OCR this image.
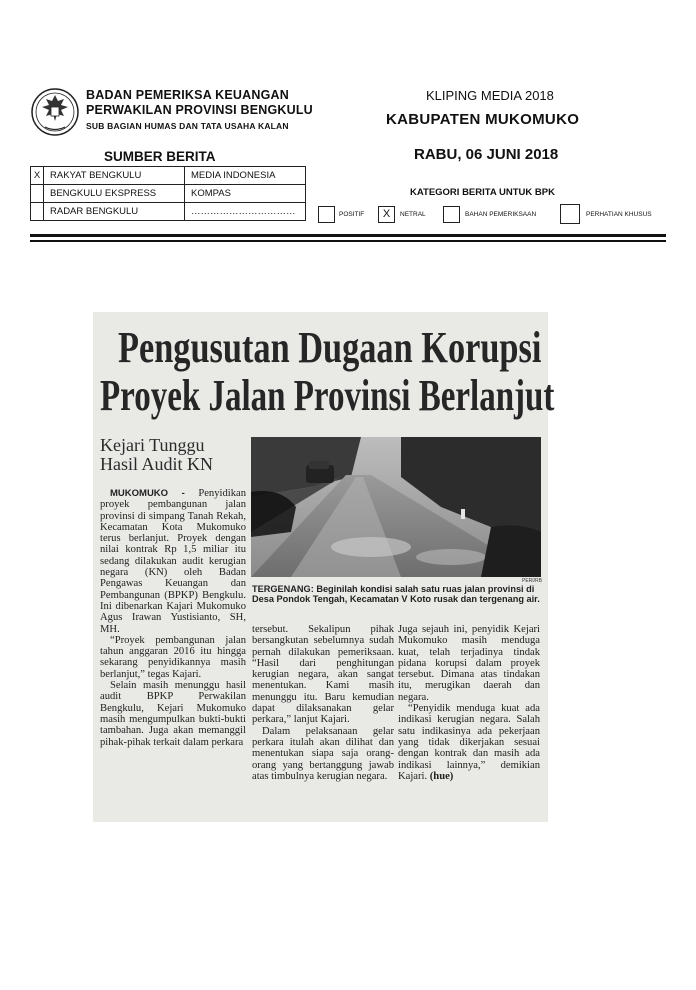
BADAN PEMERIKSA KEUANGAN
PERWAKILAN PROVINSI BENGKULU
SUB BAGIAN HUMAS DAN TATA USAHA KALAN
KLIPING MEDIA 2018
KABUPATEN MUKOMUKO
RABU, 06 JUNI 2018
SUMBER BERITA
X	RAKYAT BENGKULU	MEDIA INDONESIA
	BENGKULU EKSPRESS	KOMPAS
	RADAR BENGKULU	……………………………
KATEGORI BERITA UNTUK BPK
POSITIF	X	NETRAL	BAHAN PEMERIKSAAN	PERHATIAN KHUSUS
Pengusutan Dugaan Korupsi
Proyek Jalan Provinsi Berlanjut
Kejari Tunggu
Hasil Audit KN
PERI/RB
TERGENANG: Beginilah kondisi salah satu ruas jalan provinsi di Desa Pondok Tengah, Kecamatan V Koto rusak dan tergenang air.

MUKOMUKO - Penyidikan proyek pembangunan jalan provinsi di simpang Tanah Rekah, Kecamatan Kota Mukomuko terus berlanjut. Proyek dengan nilai kontrak Rp 1,5 miliar itu sedang dilakukan audit kerugian negara (KN) oleh Badan Pengawas Keuangan dan Pembangunan (BPKP) Bengkulu. Ini dibenarkan Kajari Mukomuko Agus Irawan Yustisianto, SH, MH.

“Proyek pembangunan jalan tahun anggaran 2016 itu hingga sekarang penyidikannya masih berlanjut,” tegas Kajari.

Selain masih menunggu hasil audit BPKP Perwakilan Bengkulu, Kejari Mukomuko masih mengumpulkan bukti-bukti tambahan. Juga akan memanggil pihak-pihak terkait dalam perkara

tersebut. Sekalipun pihak bersangkutan sebelumnya sudah pernah dilakukan pemeriksaan. “Hasil dari penghitungan kerugian negara, akan sangat menentukan. Kami masih menunggu itu. Baru kemudian dapat dilaksanakan gelar perkara,” lanjut Kajari.

Dalam pelaksanaan gelar perkara itulah akan dilihat dan menentukan siapa saja orang-orang yang bertanggung jawab atas timbulnya kerugian negara.

Juga sejauh ini, penyidik Kejari Mukomuko masih menduga kuat, telah terjadinya tindak pidana korupsi dalam proyek tersebut. Dimana atas tindakan itu, merugikan daerah dan negara.

“Penyidik menduga kuat ada indikasi kerugian negara. Salah satu indikasinya ada pekerjaan yang tidak dikerjakan sesuai dengan kontrak dan masih ada indikasi lainnya,” demikian Kajari. (hue)
